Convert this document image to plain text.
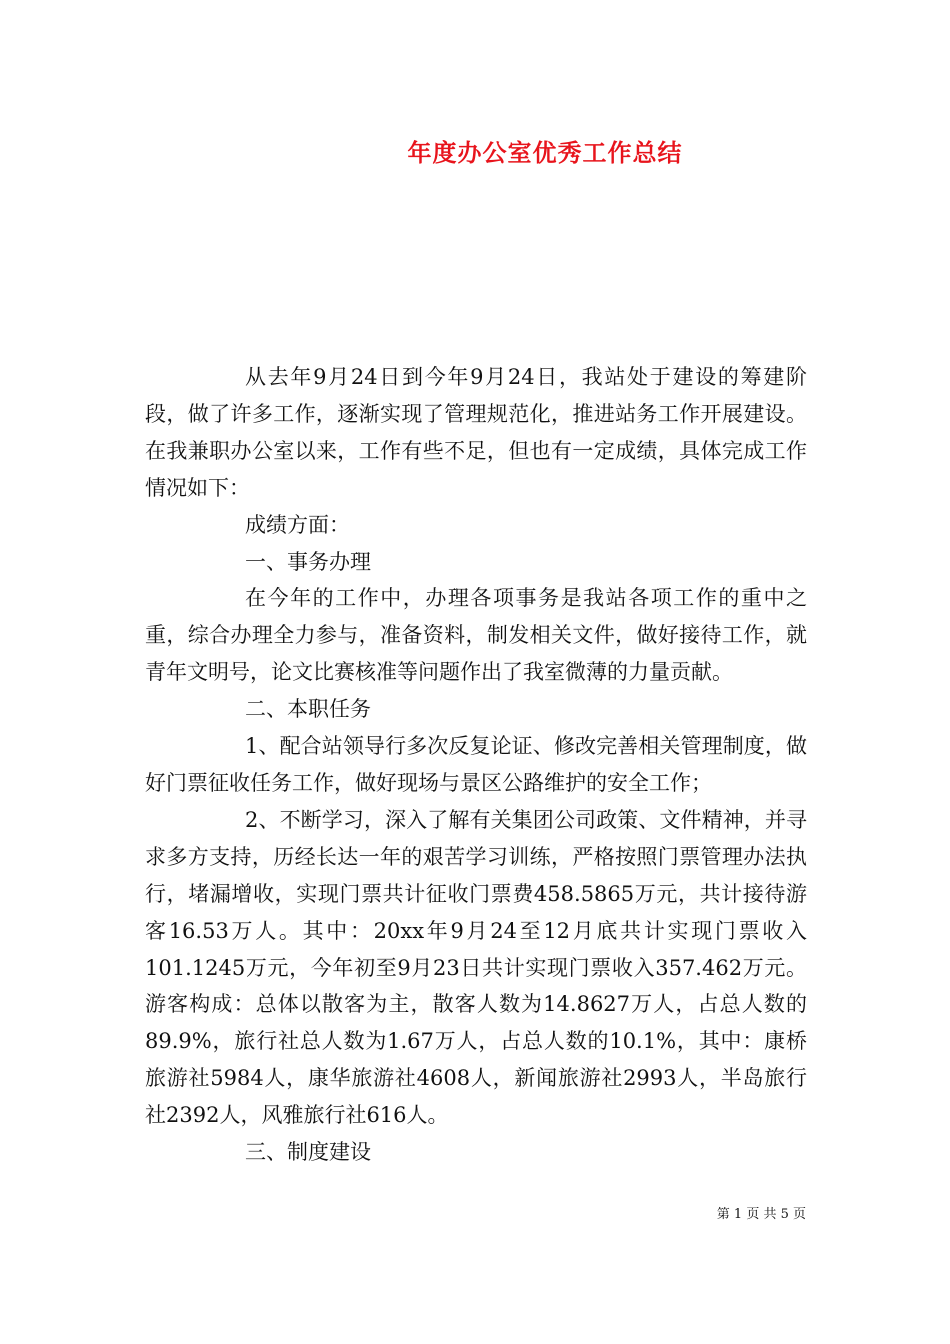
年度办公室优秀工作总结

从去年9月24日到今年9月24日，我站处于建设的筹建阶段，做了许多工作，逐渐实现了管理规范化，推进站务工作开展建设。在我兼职办公室以来，工作有些不足，但也有一定成绩，具体完成工作情况如下：

成绩方面：

一、事务办理

在今年的工作中，办理各项事务是我站各项工作的重中之重，综合办理全力参与，准备资料，制发相关文件，做好接待工作，就青年文明号，论文比赛核准等问题作出了我室微薄的力量贡献。

二、本职任务

1、配合站领导行多次反复论证、修改完善相关管理制度，做好门票征收任务工作，做好现场与景区公路维护的安全工作；

2、不断学习，深入了解有关集团公司政策、文件精神，并寻求多方支持，历经长达一年的艰苦学习训练，严格按照门票管理办法执行，堵漏增收，实现门票共计征收门票费458.5865万元，共计接待游客16.53万人。其中：20xx年9月24至12月底共计实现门票收入101.1245万元，今年初至9月23日共计实现门票收入357.462万元。游客构成：总体以散客为主，散客人数为14.8627万人，占总人数的89.9%，旅行社总人数为1.67万人，占总人数的10.1%，其中：康桥旅游社5984人，康华旅游社4608人，新闻旅游社2993人，半岛旅行社2392人，风雅旅行社616人。

三、制度建设

第 1 页 共 5 页
